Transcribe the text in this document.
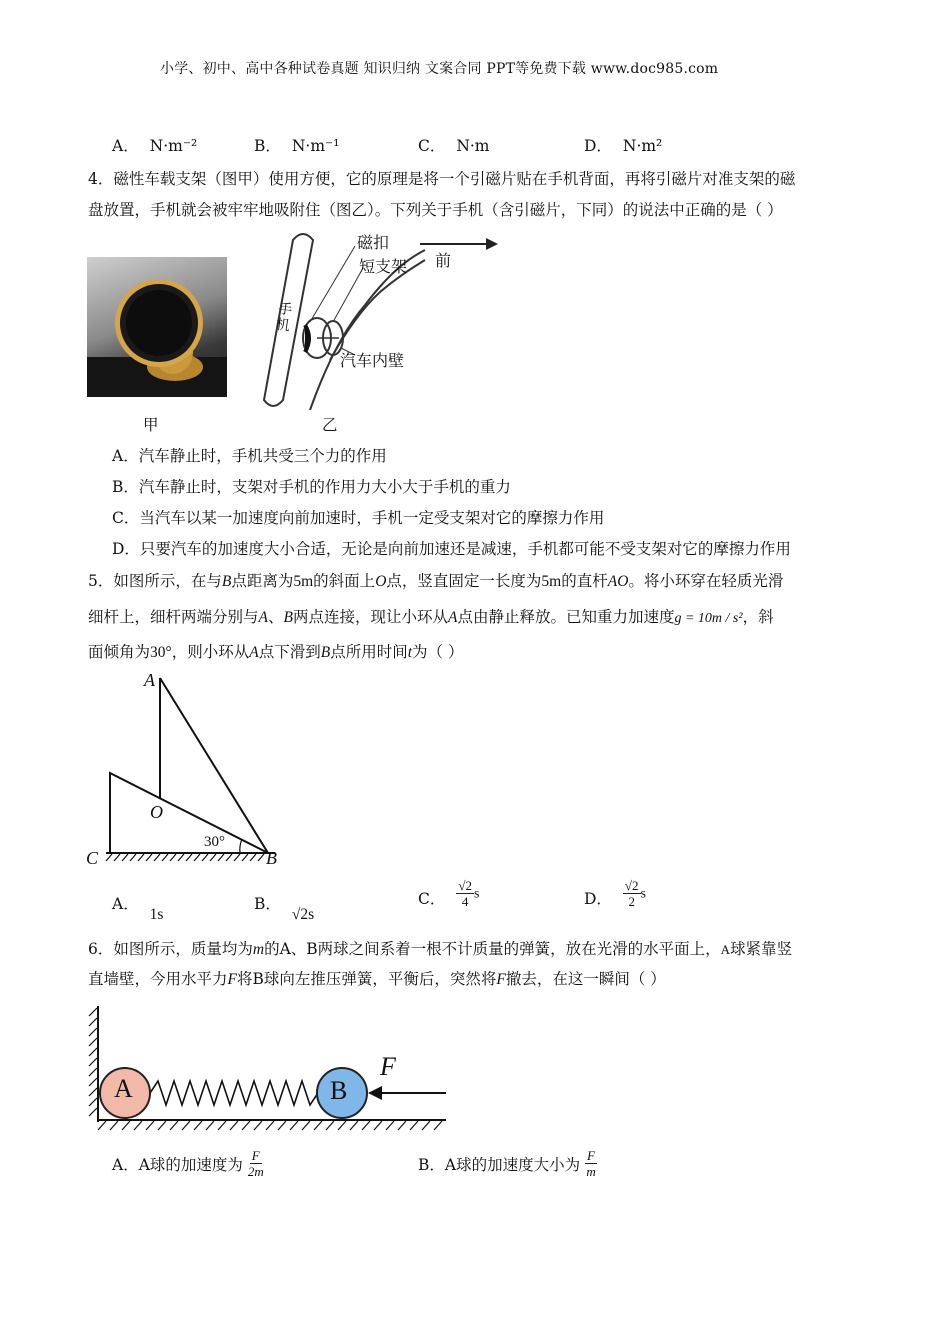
小学、初中、高中各种试卷真题 知识归纳 文案合同 PPT等免费下载 www.doc985.com
A． N·m⁻²	B． N·m⁻¹	C． N·m	D． N·m²
4．磁性车载支架（图甲）使用方便，它的原理是将一个引磁片贴在手机背面，再将引磁片对准支架的磁
盘放置，手机就会被牢牢地吸附住（图乙）。下列关于手机（含引磁片，下同）的说法中正确的是（ ）
甲
手机
磁扣
短支架 前
汽车内壁
乙
A．汽车静止时，手机共受三个力的作用
B．汽车静止时，支架对手机的作用力大小大于手机的重力
C．当汽车以某一加速度向前加速时，手机一定受支架对它的摩擦力作用
D．只要汽车的加速度大小合适，无论是向前加速还是减速，手机都可能不受支架对它的摩擦力作用
5．如图所示，在与B点距离为5m的斜面上O点，竖直固定一长度为5m的直杆AO。将小环穿在轻质光滑
细杆上，细杆两端分别与A、B两点连接，现让小环从A点由静止释放。已知重力加速度g = 10m / s²，斜
面倾角为30°，则小环从A点下滑到B点所用时间t为（ ）
A
O
C	B
30°
A． 1s
B． √2s
C． $\frac{√2}{4}$ s	D． $\frac{√2}{2}$ s
6．如图所示，质量均为m的A、B两球之间系着一根不计质量的弹簧，放在光滑的水平面上，A球紧靠竖
直墙壁，今用水平力F将B球向左推压弹簧，平衡后，突然将F撤去，在这一瞬间（ ）
A	B
F
A．A球的加速度为 $\frac{F}{2m}$	B．A球的加速度大小为 $\frac{F}{m}$
